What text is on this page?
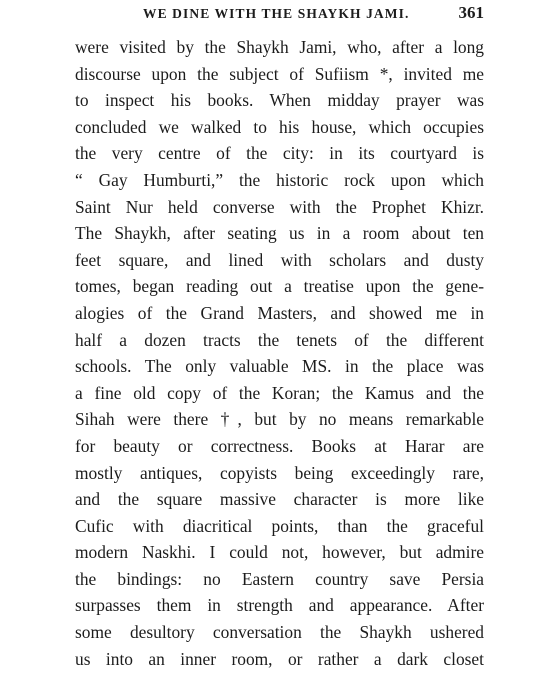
WE DINE WITH THE SHAYKH JAMI.	361
were visited by the Shaykh Jami, who, after a long
discourse upon the subject of Sufiism *, invited me
to inspect his books. When midday prayer was
concluded we walked to his house, which occupies
the very centre of the city: in its courtyard is
“ Gay Humburti,” the historic rock upon which
Saint Nur held converse with the Prophet Khizr.
The Shaykh, after seating us in a room about ten
feet square, and lined with scholars and dusty
tomes, began reading out a treatise upon the gene-
alogies of the Grand Masters, and showed me in
half a dozen tracts the tenets of the different
schools. The only valuable MS. in the place was
a fine old copy of the Koran; the Kamus and the
Sihah were there †, but by no means remarkable
for beauty or correctness. Books at Harar are
mostly antiques, copyists being exceedingly rare,
and the square massive character is more like
Cufic with diacritical points, than the graceful
modern Naskhi. I could not, however, but admire
the bindings: no Eastern country save Persia
surpasses them in strength and appearance. After
some desultory conversation the Shaykh ushered
us into an inner room, or rather a dark closet
